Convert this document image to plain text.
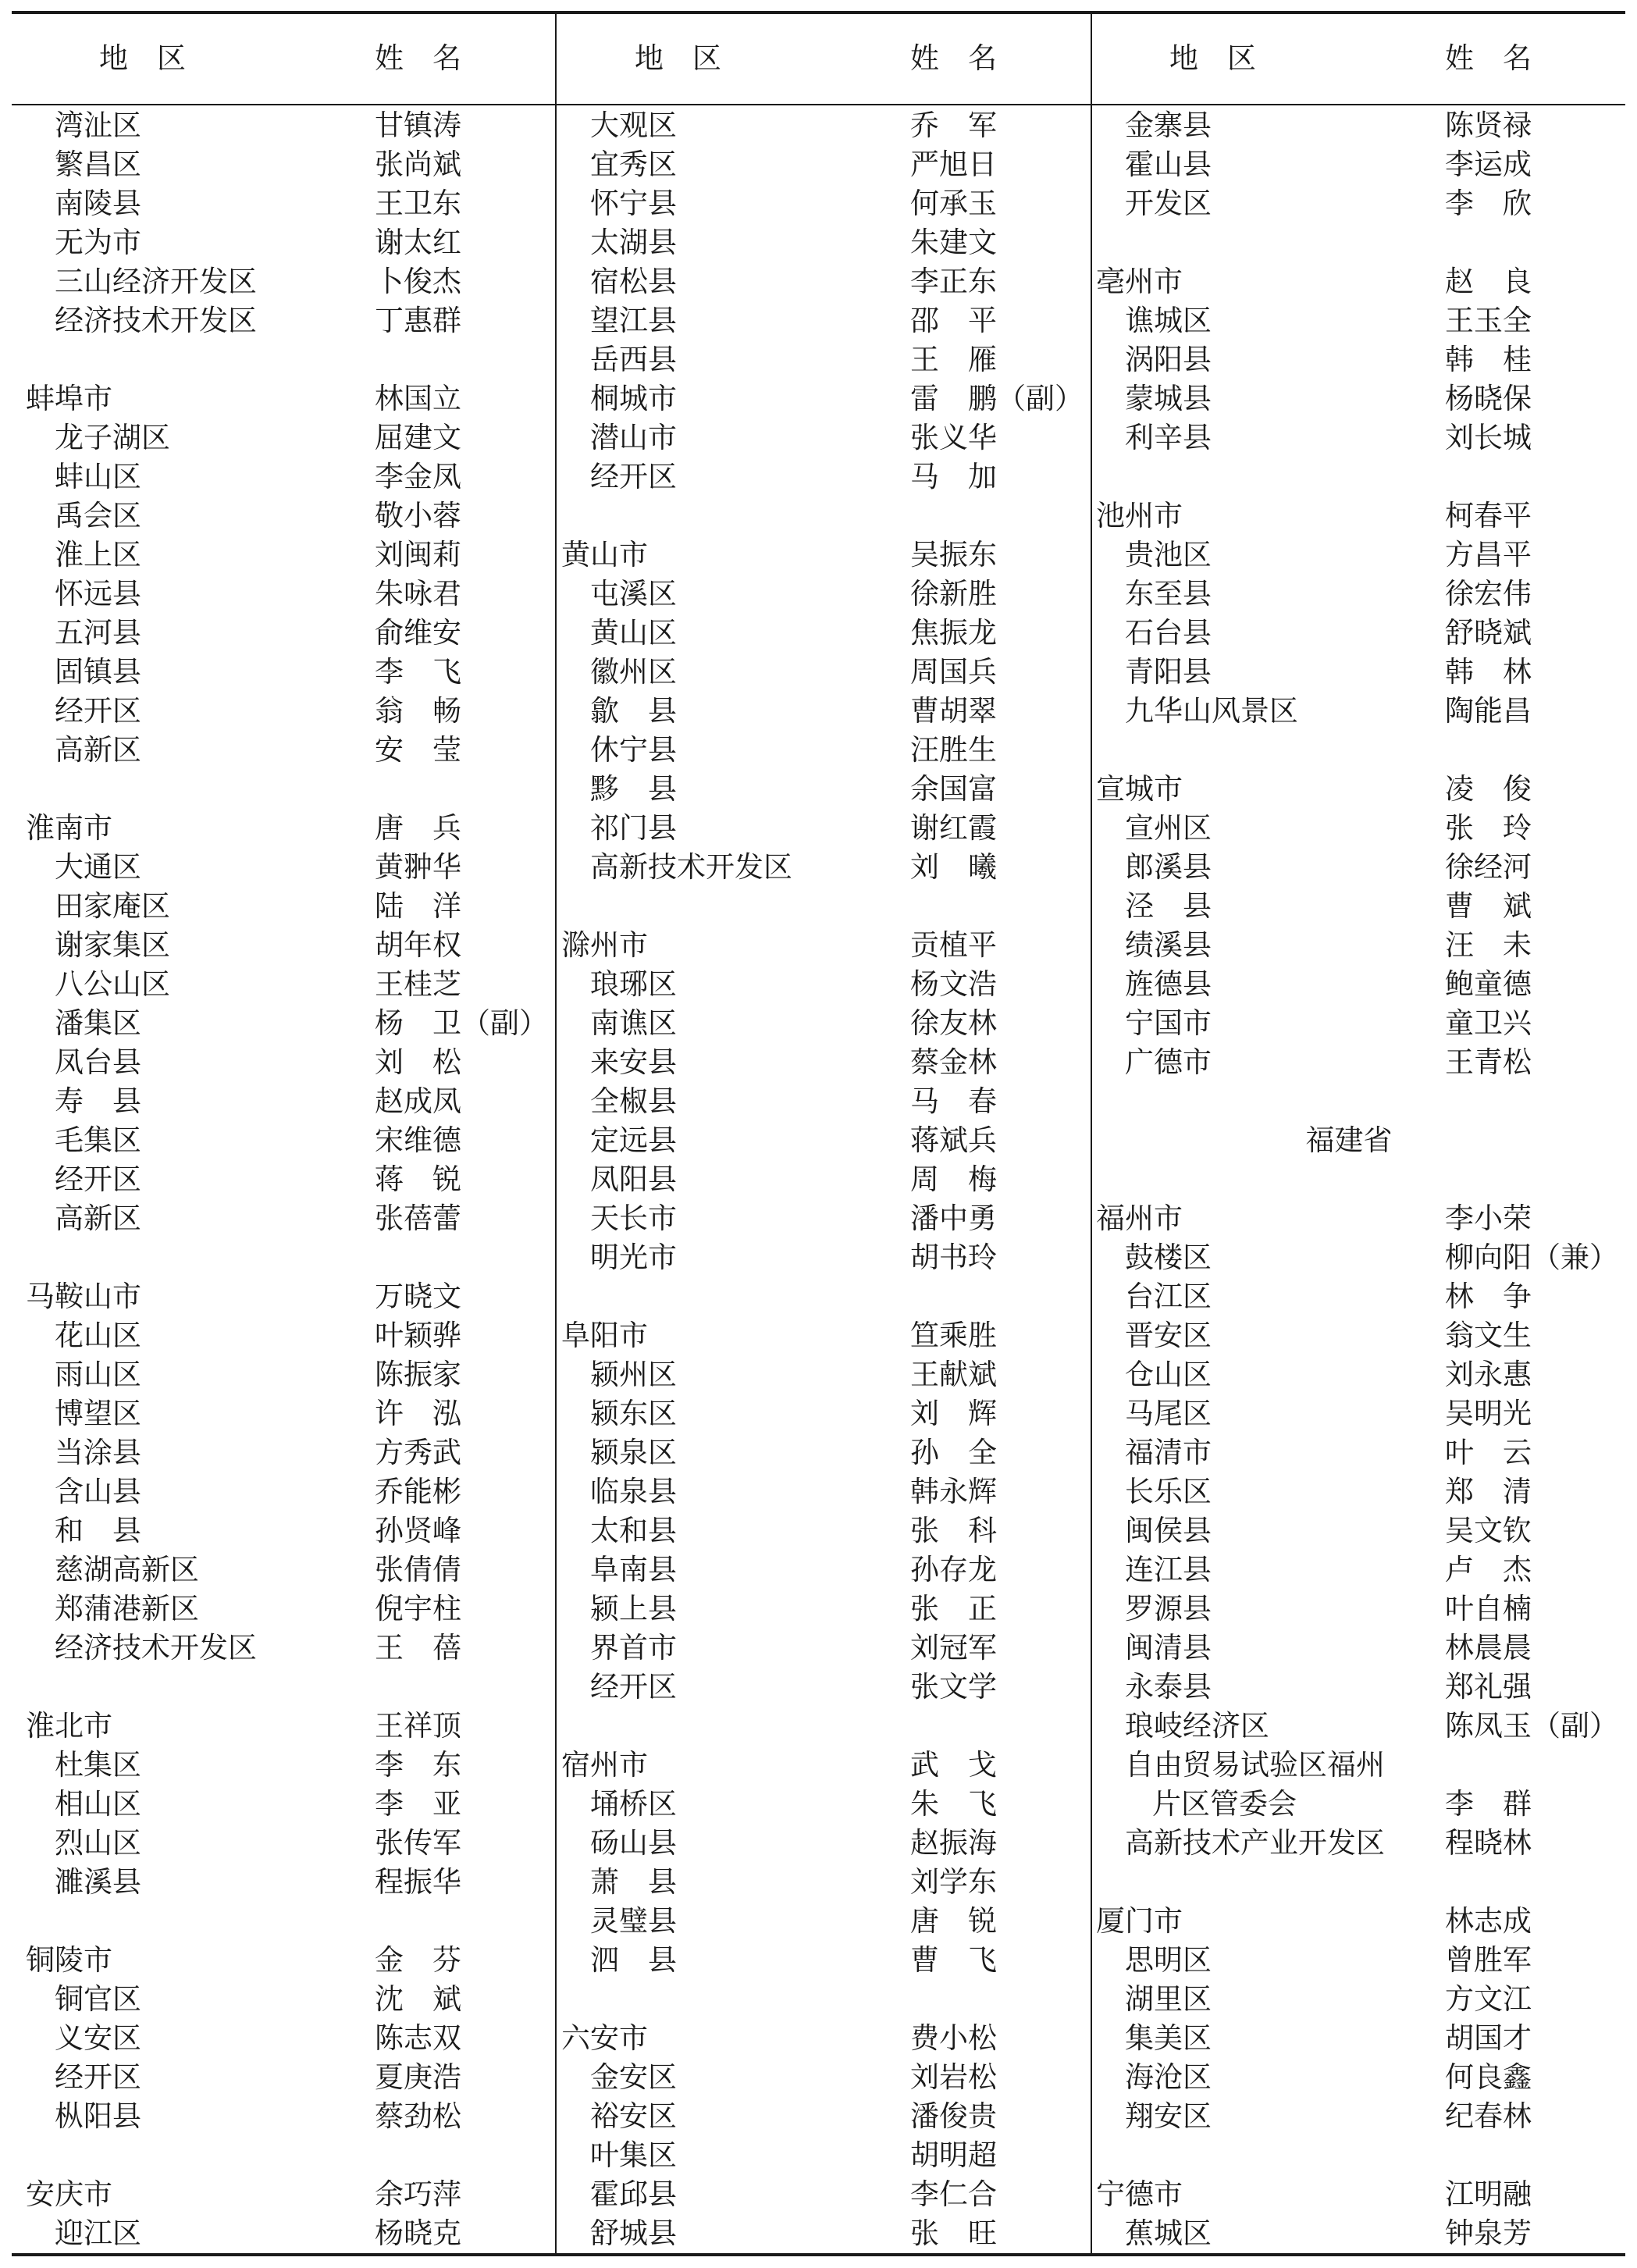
地　区	姓　名
湾沚区	甘镇涛
繁昌区	张尚斌
南陵县	王卫东
无为市	谢太红
三山经济开发区	卜俊杰
经济技术开发区	丁惠群
蚌埠市	林国立
龙子湖区	屈建文
蚌山区	李金凤
禹会区	敬小蓉
淮上区	刘闽莉
怀远县	朱咏君
五河县	俞维安
固镇县	李　飞
经开区	翁　畅
高新区	安　莹
淮南市	唐　兵
大通区	黄翀华
田家庵区	陆　洋
谢家集区	胡年权
八公山区	王桂芝
潘集区	杨　卫（副）
凤台县	刘　松
寿　县	赵成凤
毛集区	宋维德
经开区	蒋　锐
高新区	张蓓蕾
马鞍山市	万晓文
花山区	叶颖骅
雨山区	陈振家
博望区	许　泓
当涂县	方秀武
含山县	乔能彬
和　县	孙贤峰
慈湖高新区	张倩倩
郑蒲港新区	倪宇柱
经济技术开发区	王　蓓
淮北市	王祥顶
杜集区	李　东
相山区	李　亚
烈山区	张传军
濉溪县	程振华
铜陵市	金　芬
铜官区	沈　斌
义安区	陈志双
经开区	夏庚浩
枞阳县	蔡劲松
安庆市	余巧萍
迎江区	杨晓克
地　区	姓　名
大观区	乔　军
宜秀区	严旭日
怀宁县	何承玉
太湖县	朱建文
宿松县	李正东
望江县	邵　平
岳西县	王　雁
桐城市	雷　鹏（副）
潜山市	张义华
经开区	马　加
黄山市	吴振东
屯溪区	徐新胜
黄山区	焦振龙
徽州区	周国兵
歙　县	曹胡翠
休宁县	汪胜生
黟　县	余国富
祁门县	谢红霞
高新技术开发区	刘　曦
滁州市	贡植平
琅琊区	杨文浩
南谯区	徐友林
来安县	蔡金林
全椒县	马　春
定远县	蒋斌兵
凤阳县	周　梅
天长市	潘中勇
明光市	胡书玲
阜阳市	笪乘胜
颍州区	王献斌
颍东区	刘　辉
颍泉区	孙　全
临泉县	韩永辉
太和县	张　科
阜南县	孙存龙
颍上县	张　正
界首市	刘冠军
经开区	张文学
宿州市	武　戈
埇桥区	朱　飞
砀山县	赵振海
萧　县	刘学东
灵璧县	唐　锐
泗　县	曹　飞
六安市	费小松
金安区	刘岩松
裕安区	潘俊贵
叶集区	胡明超
霍邱县	李仁合
舒城县	张　旺
地　区	姓　名
金寨县	陈贤禄
霍山县	李运成
开发区	李　欣
亳州市	赵　良
谯城区	王玉全
涡阳县	韩　桂
蒙城县	杨晓保
利辛县	刘长城
池州市	柯春平
贵池区	方昌平
东至县	徐宏伟
石台县	舒晓斌
青阳县	韩　林
九华山风景区	陶能昌
宣城市	凌　俊
宣州区	张　玲
郎溪县	徐经河
泾　县	曹　斌
绩溪县	汪　未
旌德县	鲍童德
宁国市	童卫兴
广德市	王青松
福建省
福州市	李小荣
鼓楼区	柳向阳（兼）
台江区	林　争
晋安区	翁文生
仓山区	刘永惠
马尾区	吴明光
福清市	叶　云
长乐区	郑　清
闽侯县	吴文钦
连江县	卢　杰
罗源县	叶自楠
闽清县	林晨晨
永泰县	郑礼强
琅岐经济区	陈凤玉（副）
自由贸易试验区福州
片区管委会	李　群
高新技术产业开发区 程晓林
厦门市	林志成
思明区	曾胜军
湖里区	方文江
集美区	胡国才
海沧区	何良鑫
翔安区	纪春林
宁德市	江明融
蕉城区	钟泉芳
